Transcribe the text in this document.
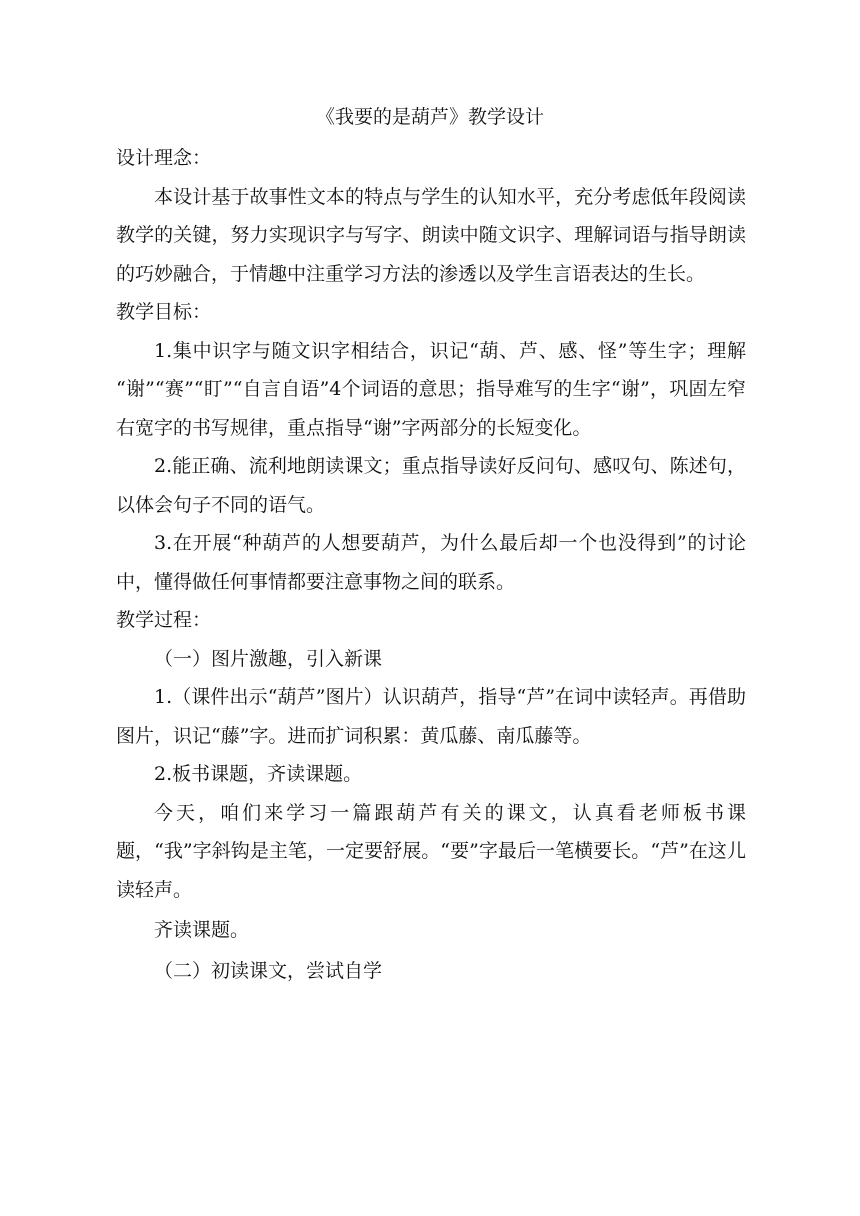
《我要的是葫芦》教学设计

设计理念：

本设计基于故事性文本的特点与学生的认知水平，充分考虑低年段阅读教学的关键，努力实现识字与写字、朗读中随文识字、理解词语与指导朗读的巧妙融合，于情趣中注重学习方法的渗透以及学生言语表达的生长。

教学目标：

1.集中识字与随文识字相结合，识记“葫、芦、感、怪”等生字；理解 “谢”“赛”“盯”“自言自语”4个词语的意思；指导难写的生字“谢”，巩固左窄右宽字的书写规律，重点指导“谢”字两部分的长短变化。

2.能正确、流利地朗读课文；重点指导读好反问句、感叹句、陈述句，以体会句子不同的语气。

3.在开展“种葫芦的人想要葫芦，为什么最后却一个也没得到”的讨论中，懂得做任何事情都要注意事物之间的联系。

教学过程：

（一）图片激趣，引入新课

1.（课件出示“葫芦”图片）认识葫芦，指导“芦”在词中读轻声。再借助图片，识记“藤”字。进而扩词积累：黄瓜藤、南瓜藤等。

2.板书课题，齐读课题。

今天，咱们来学习一篇跟葫芦有关的课文，认真看老师板书课题，“我”字斜钩是主笔，一定要舒展。“要”字最后一笔横要长。“芦”在这儿读轻声。

齐读课题。

（二）初读课文，尝试自学
